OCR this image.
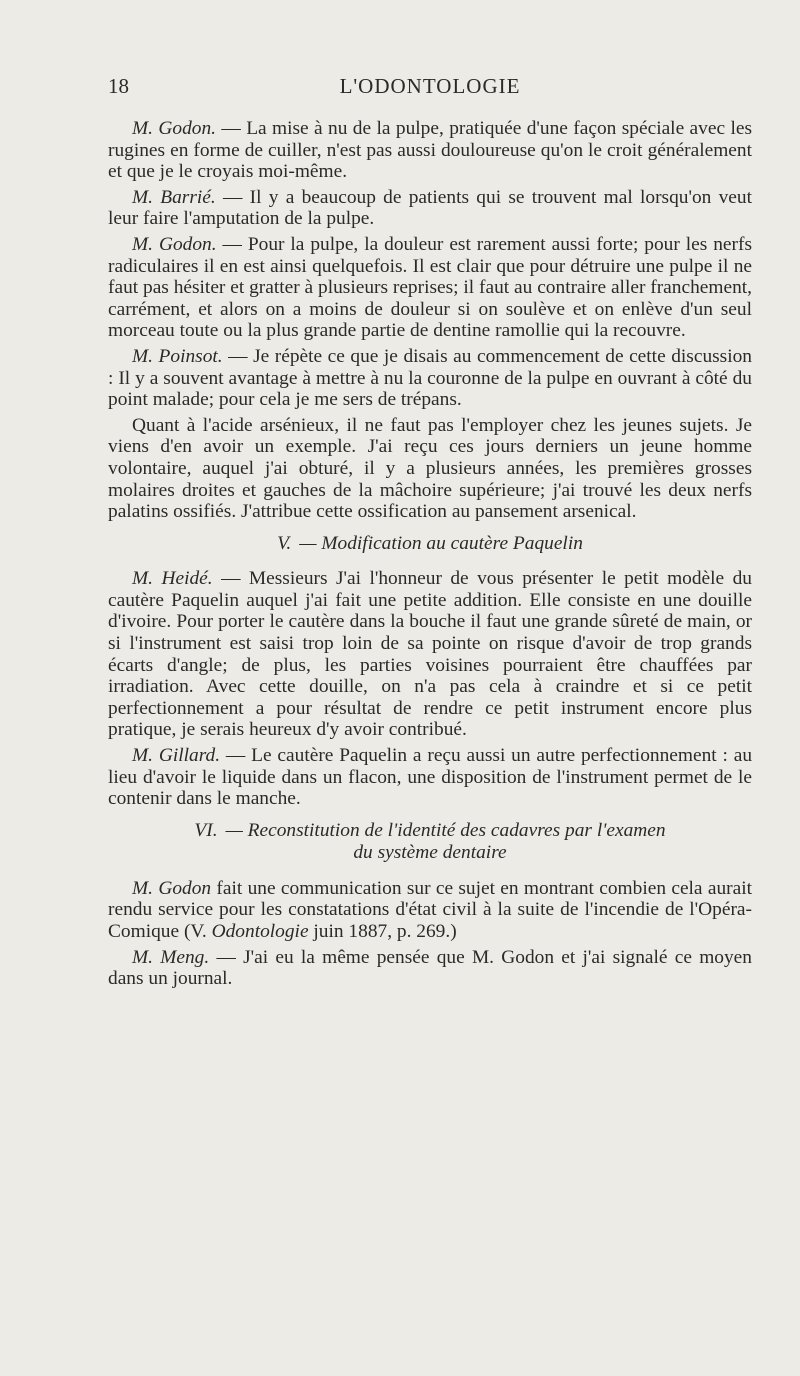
18	L'ODONTOLOGIE

M. Godon. — La mise à nu de la pulpe, pratiquée d'une façon spéciale avec les rugines en forme de cuiller, n'est pas aussi douloureuse qu'on le croit généralement et que je le croyais moi-même.

M. Barrié. — Il y a beaucoup de patients qui se trouvent mal lorsqu'on veut leur faire l'amputation de la pulpe.

M. Godon. — Pour la pulpe, la douleur est rarement aussi forte; pour les nerfs radiculaires il en est ainsi quelquefois. Il est clair que pour détruire une pulpe il ne faut pas hésiter et gratter à plusieurs reprises; il faut au contraire aller franchement, carrément, et alors on a moins de douleur si on soulève et on enlève d'un seul morceau toute ou la plus grande partie de dentine ramollie qui la recouvre.

M. Poinsot. — Je répète ce que je disais au commencement de cette discussion : Il y a souvent avantage à mettre à nu la couronne de la pulpe en ouvrant à côté du point malade; pour cela je me sers de trépans.

Quant à l'acide arsénieux, il ne faut pas l'employer chez les jeunes sujets. Je viens d'en avoir un exemple. J'ai reçu ces jours derniers un jeune homme volontaire, auquel j'ai obturé, il y a plusieurs années, les premières grosses molaires droites et gauches de la mâchoire supérieure; j'ai trouvé les deux nerfs palatins ossifiés. J'attribue cette ossification au pansement arsenical.

V. — Modification au cautère Paquelin

M. Heidé. — Messieurs J'ai l'honneur de vous présenter le petit modèle du cautère Paquelin auquel j'ai fait une petite addition. Elle consiste en une douille d'ivoire. Pour porter le cautère dans la bouche il faut une grande sûreté de main, or si l'instrument est saisi trop loin de sa pointe on risque d'avoir de trop grands écarts d'angle; de plus, les parties voisines pourraient être chauffées par irradiation. Avec cette douille, on n'a pas cela à craindre et si ce petit perfectionnement a pour résultat de rendre ce petit instrument encore plus pratique, je serais heureux d'y avoir contribué.

M. Gillard. — Le cautère Paquelin a reçu aussi un autre perfectionnement : au lieu d'avoir le liquide dans un flacon, une disposition de l'instrument permet de le contenir dans le manche.

VI. — Reconstitution de l'identité des cadavres par l'examen
du système dentaire

M. Godon fait une communication sur ce sujet en montrant combien cela aurait rendu service pour les constatations d'état civil à la suite de l'incendie de l'Opéra-Comique (V. Odontologie juin 1887, p. 269.)

M. Meng. — J'ai eu la même pensée que M. Godon et j'ai signalé ce moyen dans un journal.
